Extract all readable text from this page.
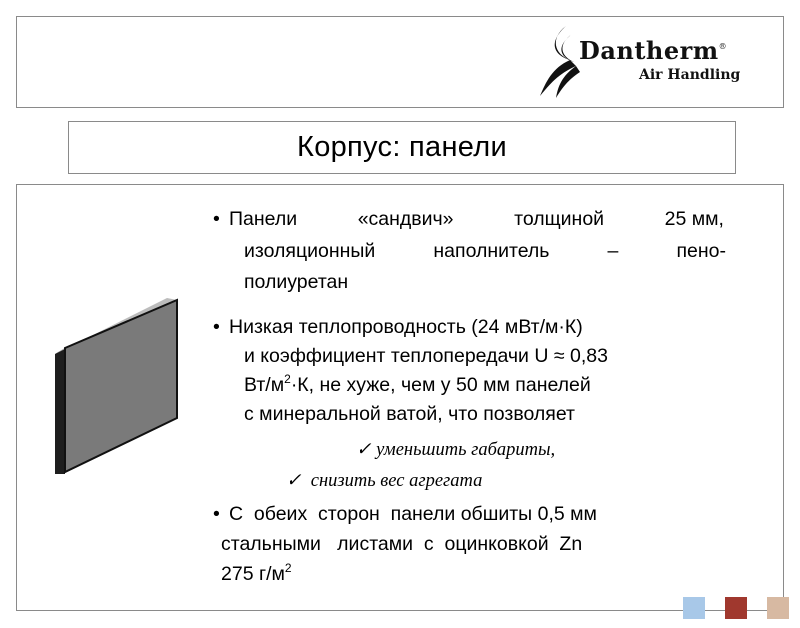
Dantherm®
Air Handling
Корпус: панели
• Панели	«сандвич»	толщиной	25 мм,
изоляционный	наполнитель	–	пено-
полиуретан
• Низкая теплопроводность (24 мВт/м·К)
и коэффициент теплопередачи U ≈ 0,83
$Вт/м^2\cdot К$, не хуже, чем у 50 мм панелей
с минеральной ватой, что позволяет
✓ уменьшить габариты,
✓ снизить вес агрегата
• С  обеих  сторон  панели обшиты 0,5 мм
стальными   листами  с  оцинковкой  Zn
275 $г/м^2$
